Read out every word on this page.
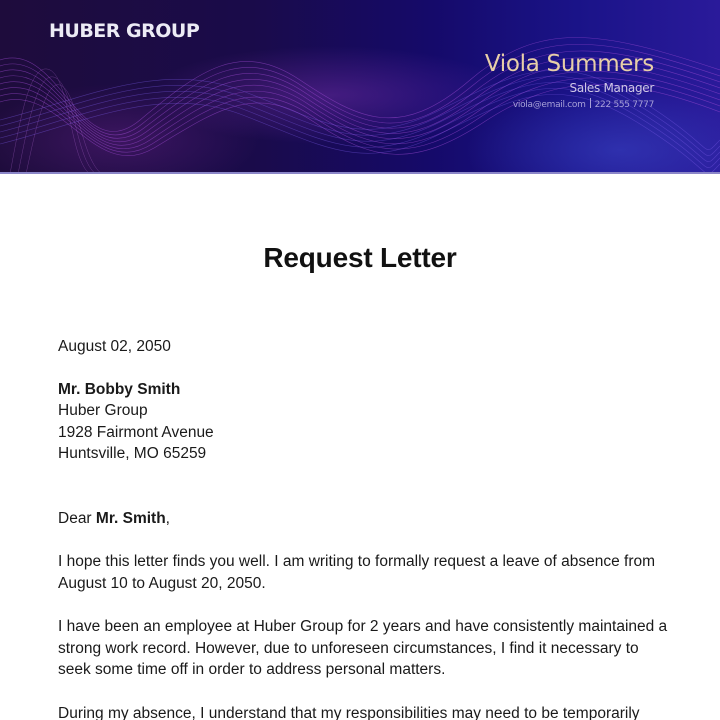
HUBER GROUP
Viola Summers
Sales Manager
viola@email.com 222 555 7777
Request Letter
August 02, 2050
Mr. Bobby Smith
Huber Group
1928 Fairmont Avenue
Huntsville, MO 65259
Dear Mr. Smith,

I hope this letter finds you well. I am writing to formally request a leave of absence from August 10 to August 20, 2050.

I have been an employee at Huber Group for 2 years and have consistently maintained a strong work record. However, due to unforeseen circumstances, I find it necessary to seek some time off in order to address personal matters.

During my absence, I understand that my responsibilities may need to be temporarily
